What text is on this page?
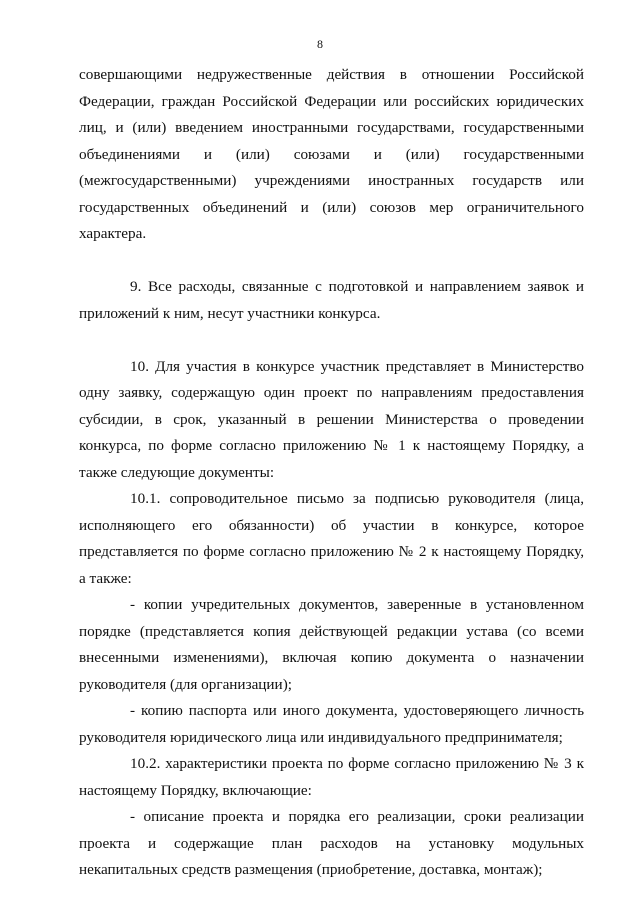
8

совершающими недружественные действия в отношении Российской Федерации, граждан Российской Федерации или российских юридических лиц, и (или) введением иностранными государствами, государственными объединениями и (или) союзами и (или) государственными (межгосударственными) учреждениями иностранных государств или государственных объединений и (или) союзов мер ограничительного характера.

9. Все расходы, связанные с подготовкой и направлением заявок и приложений к ним, несут участники конкурса.

10. Для участия в конкурсе участник представляет в Министерство одну заявку, содержащую один проект по направлениям предоставления субсидии, в срок, указанный в решении Министерства о проведении конкурса, по форме согласно приложению № 1 к настоящему Порядку, а также следующие документы:

10.1. сопроводительное письмо за подписью руководителя (лица, исполняющего его обязанности) об участии в конкурсе, которое представляется по форме согласно приложению № 2 к настоящему Порядку, а также:

- копии учредительных документов, заверенные в установленном порядке (представляется копия действующей редакции устава (со всеми внесенными изменениями), включая копию документа о назначении руководителя (для организации);

- копию паспорта или иного документа, удостоверяющего личность руководителя юридического лица или индивидуального предпринимателя;

10.2. характеристики проекта по форме согласно приложению № 3 к настоящему Порядку, включающие:

- описание проекта и порядка его реализации, сроки реализации проекта и содержащие план расходов на установку модульных некапитальных средств размещения (приобретение, доставка, монтаж);
